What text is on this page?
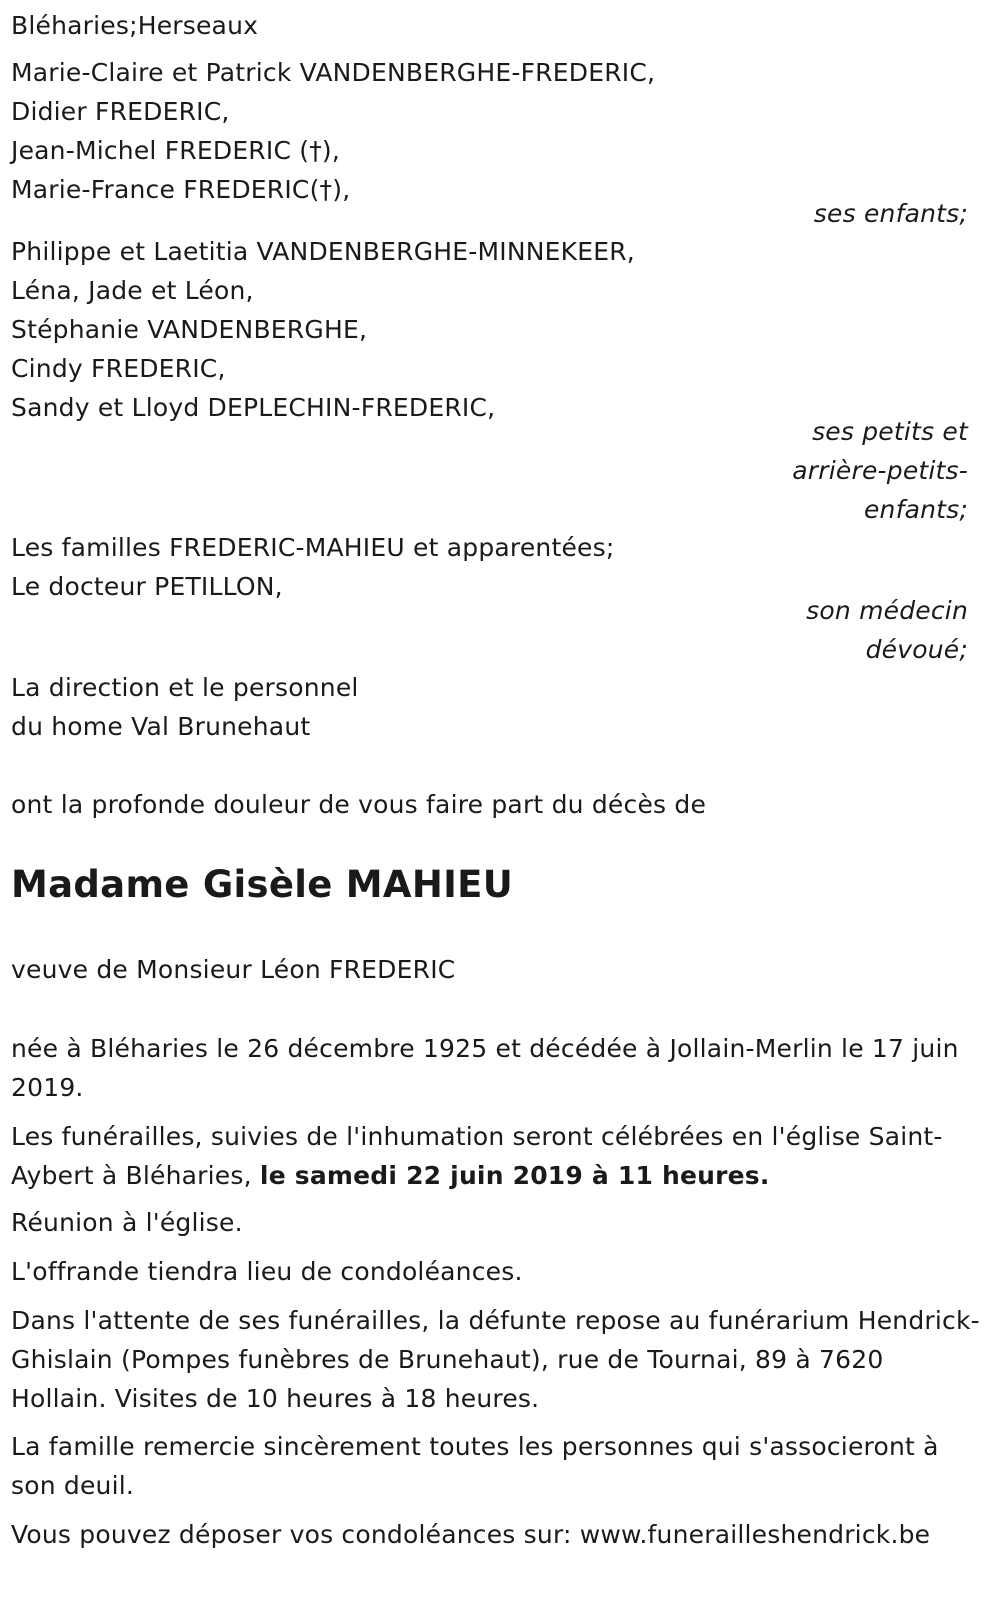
Bléharies;Herseaux
Marie-Claire et Patrick VANDENBERGHE-FREDERIC,
Didier FREDERIC,
Jean-Michel FREDERIC (†),
Marie-France FREDERIC(†),
ses enfants;
Philippe et Laetitia VANDENBERGHE-MINNEKEER,
Léna, Jade et Léon,
Stéphanie VANDENBERGHE,
Cindy FREDERIC,
Sandy et Lloyd DEPLECHIN-FREDERIC,
ses petits et
arrière-petits-
enfants;
Les familles FREDERIC-MAHIEU et apparentées;
Le docteur PETILLON,
son médecin
dévoué;
La direction et le personnel
du home Val Brunehaut
ont la profonde douleur de vous faire part du décès de
Madame Gisèle MAHIEU
veuve de Monsieur Léon FREDERIC
née à Bléharies le 26 décembre 1925 et décédée à Jollain-Merlin le 17 juin 2019.
Les funérailles, suivies de l'inhumation seront célébrées en l'église Saint-Aybert à Bléharies, le samedi 22 juin 2019 à 11 heures.
Réunion à l'église.
L'offrande tiendra lieu de condoléances.
Dans l'attente de ses funérailles, la défunte repose au funérarium Hendrick-Ghislain (Pompes funèbres de Brunehaut), rue de Tournai, 89 à 7620 Hollain. Visites de 10 heures à 18 heures.
La famille remercie sincèrement toutes les personnes qui s'associeront à son deuil.
Vous pouvez déposer vos condoléances sur: www.funerailleshendrick.be
